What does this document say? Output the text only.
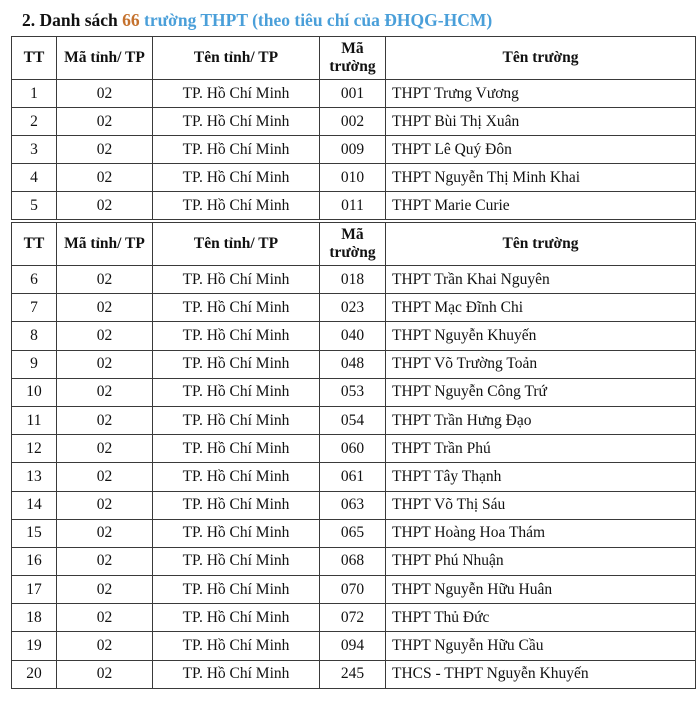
2. Danh sách 66 trường THPT (theo tiêu chí của ĐHQG-HCM)
TT	Mã tỉnh/ TP	Tên tỉnh/ TP	Mã trường	Tên trường
1	02	TP. Hồ Chí Minh	001	THPT Trưng Vương
2	02	TP. Hồ Chí Minh	002	THPT Bùi Thị Xuân
3	02	TP. Hồ Chí Minh	009	THPT Lê Quý Đôn
4	02	TP. Hồ Chí Minh	010	THPT Nguyễn Thị Minh Khai
5	02	TP. Hồ Chí Minh	011	THPT Marie Curie
TT	Mã tỉnh/ TP	Tên tỉnh/ TP	Mã trường	Tên trường
6	02	TP. Hồ Chí Minh	018	THPT Trần Khai Nguyên
7	02	TP. Hồ Chí Minh	023	THPT Mạc Đĩnh Chi
8	02	TP. Hồ Chí Minh	040	THPT Nguyễn Khuyến
9	02	TP. Hồ Chí Minh	048	THPT Võ Trường Toản
10	02	TP. Hồ Chí Minh	053	THPT Nguyễn Công Trứ
11	02	TP. Hồ Chí Minh	054	THPT Trần Hưng Đạo
12	02	TP. Hồ Chí Minh	060	THPT Trần Phú
13	02	TP. Hồ Chí Minh	061	THPT Tây Thạnh
14	02	TP. Hồ Chí Minh	063	THPT Võ Thị Sáu
15	02	TP. Hồ Chí Minh	065	THPT Hoàng Hoa Thám
16	02	TP. Hồ Chí Minh	068	THPT Phú Nhuận
17	02	TP. Hồ Chí Minh	070	THPT Nguyễn Hữu Huân
18	02	TP. Hồ Chí Minh	072	THPT Thủ Đức
19	02	TP. Hồ Chí Minh	094	THPT Nguyễn Hữu Cầu
20	02	TP. Hồ Chí Minh	245	THCS - THPT Nguyễn Khuyến
